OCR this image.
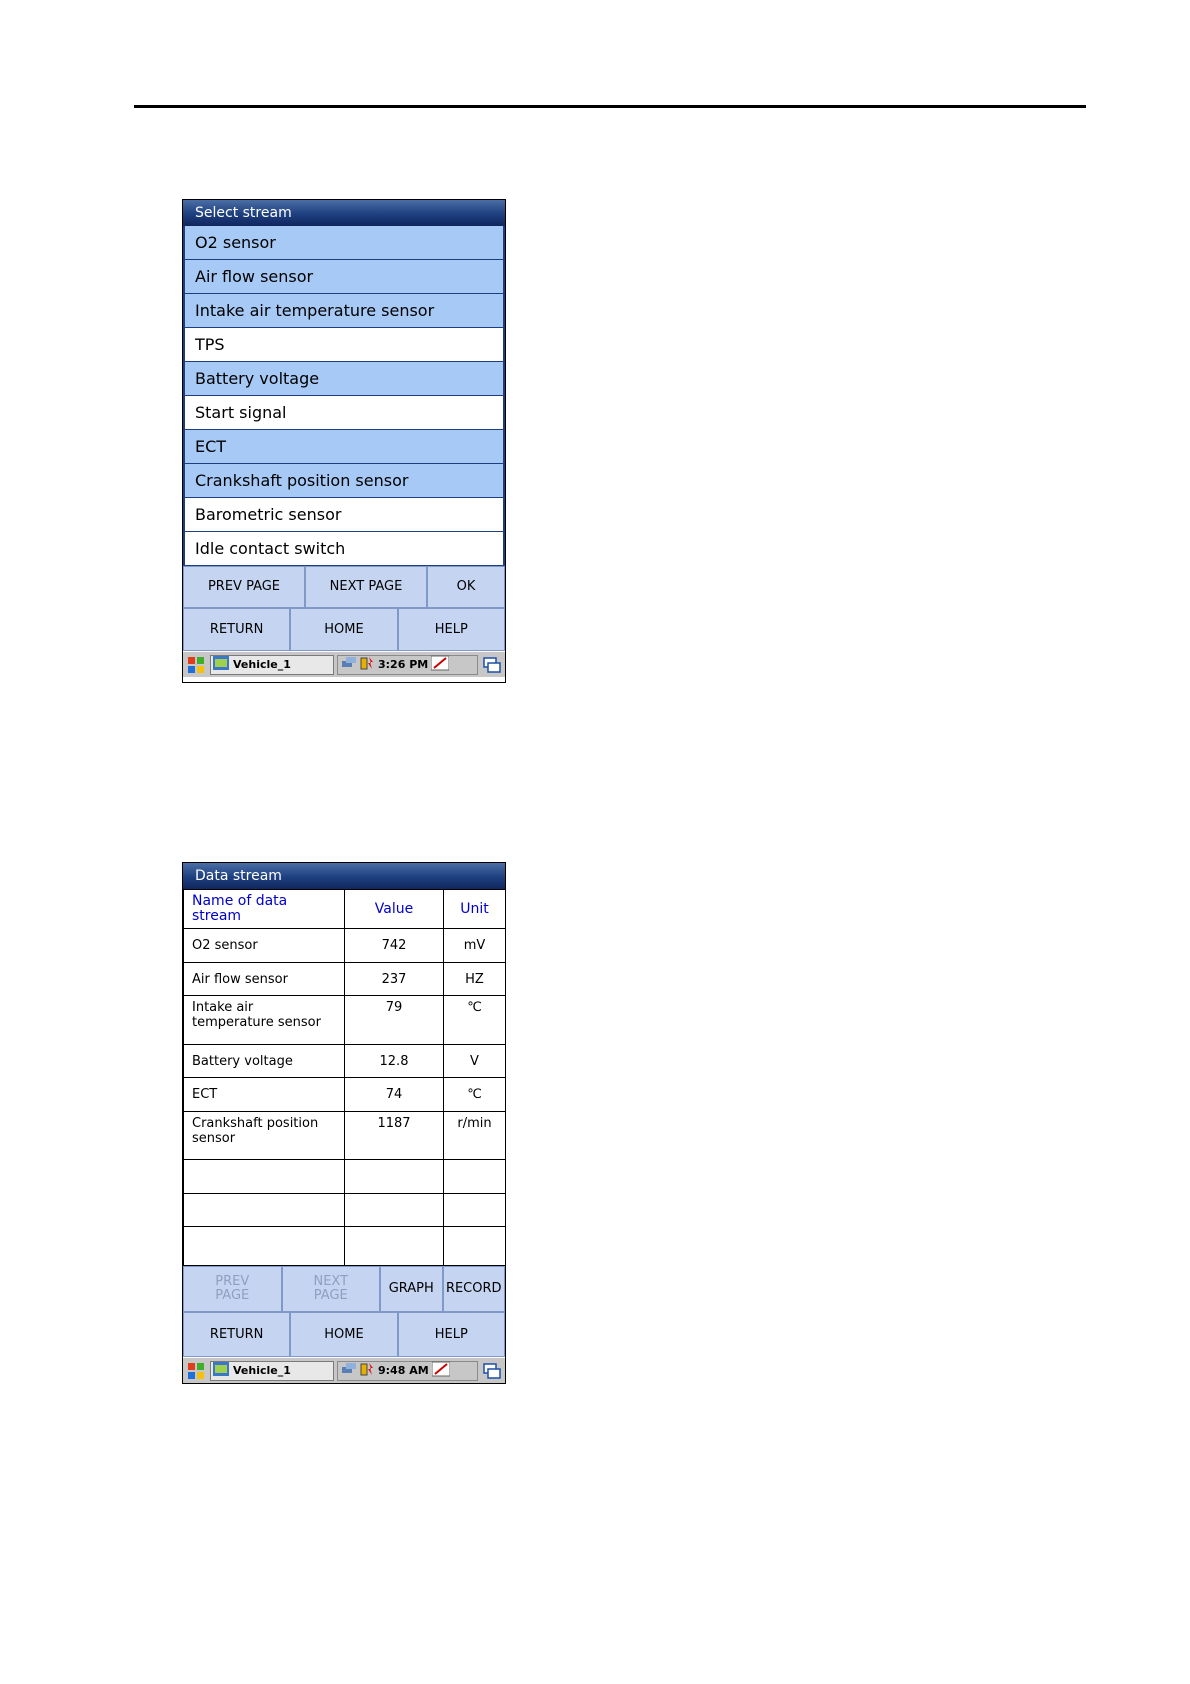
Select stream
O2 sensor
Air flow sensor
Intake air temperature sensor
TPS
Battery voltage
Start signal
ECT
Crankshaft position sensor
Barometric sensor
Idle contact switch
PREV PAGE	NEXT PAGE	OK
RETURN	HOME	HELP
Vehicle_1	3:26 PM
Data stream
Name of data stream	Value	Unit
O2 sensor	742	mV
Air flow sensor	237	HZ
Intake air temperature sensor	79	℃
Battery voltage	12.8	V
ECT	74	℃
Crankshaft position sensor	1187	r/min

PREV PAGE
NEXT PAGE	GRAPH RECORD
RETURN	HOME	HELP
Vehicle_1	9:48 AM
